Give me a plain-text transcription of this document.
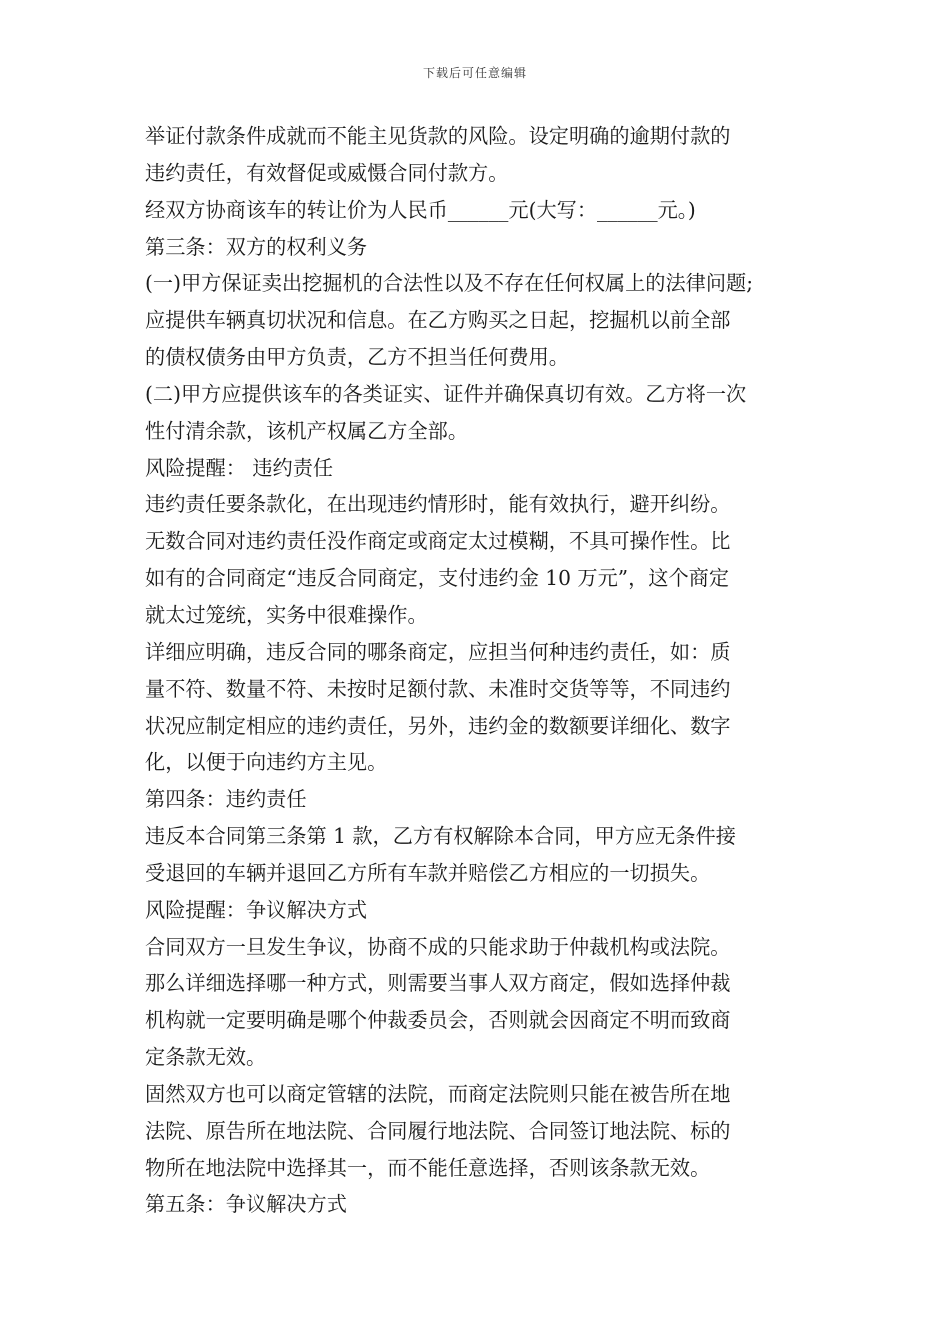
下载后可任意编辑
举证付款条件成就而不能主见货款的风险。设定明确的逾期付款的
违约责任，有效督促或威慑合同付款方。
经双方协商该车的转让价为人民币______元(大写：______元。)
第三条：双方的权利义务
(一)甲方保证卖出挖掘机的合法性以及不存在任何权属上的法律问题;
应提供车辆真切状况和信息。在乙方购买之日起，挖掘机以前全部
的债权债务由甲方负责，乙方不担当任何费用。
(二)甲方应提供该车的各类证实、证件并确保真切有效。乙方将一次
性付清余款，该机产权属乙方全部。
风险提醒： 违约责任
违约责任要条款化，在出现违约情形时，能有效执行，避开纠纷。
无数合同对违约责任没作商定或商定太过模糊，不具可操作性。比
如有的合同商定“违反合同商定，支付违约金 10 万元”，这个商定
就太过笼统，实务中很难操作。
详细应明确，违反合同的哪条商定，应担当何种违约责任，如：质
量不符、数量不符、未按时足额付款、未准时交货等等，不同违约
状况应制定相应的违约责任，另外，违约金的数额要详细化、数字
化，以便于向违约方主见。
第四条：违约责任
违反本合同第三条第 1 款，乙方有权解除本合同，甲方应无条件接
受退回的车辆并退回乙方所有车款并赔偿乙方相应的一切损失。
风险提醒：争议解决方式
合同双方一旦发生争议，协商不成的只能求助于仲裁机构或法院。
那么详细选择哪一种方式，则需要当事人双方商定，假如选择仲裁
机构就一定要明确是哪个仲裁委员会，否则就会因商定不明而致商
定条款无效。
固然双方也可以商定管辖的法院，而商定法院则只能在被告所在地
法院、原告所在地法院、合同履行地法院、合同签订地法院、标的
物所在地法院中选择其一，而不能任意选择，否则该条款无效。
第五条：争议解决方式
